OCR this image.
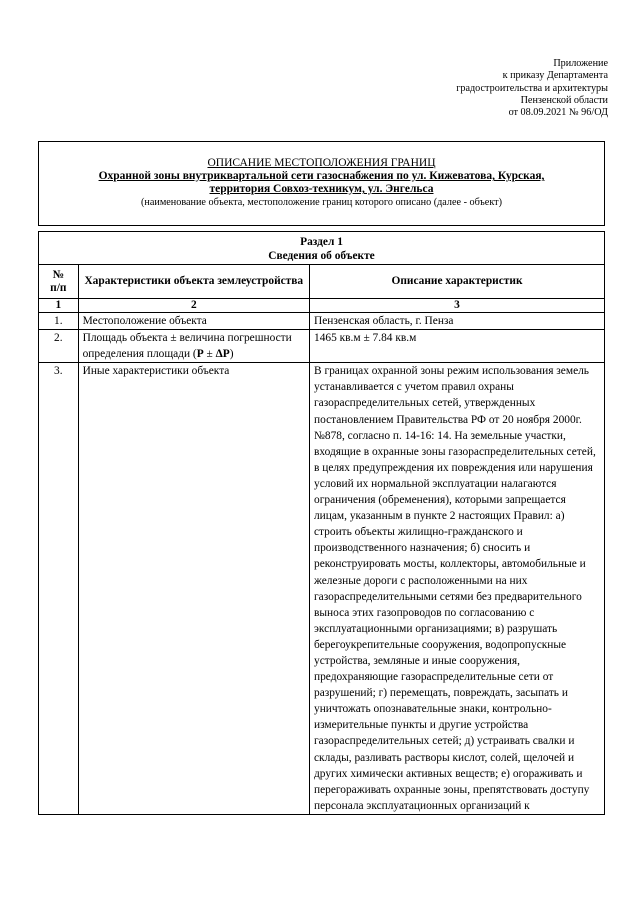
Приложение
к приказу Департамента
градостроительства и архитектуры
Пензенской области
от 08.09.2021 № 96/ОД
ОПИСАНИЕ МЕСТОПОЛОЖЕНИЯ ГРАНИЦ
Охранной зоны внутриквартальной сети газоснабжения по ул. Кижеватова, Курская,
территория Совхоз-техникум, ул. Энгельса
(наименование объекта, местоположение границ которого описано (далее - объект)
Раздел 1
Сведения об объекте		
№
п/п	Характеристики объекта землеустройства	Описание характеристик
1	2	3
1.	Местоположение объекта	Пензенская область, г. Пенза
2.	Площадь объекта ± величина погрешности определения площади (Р ± ΔР)	1465 кв.м ± 7.84 кв.м
3.	Иные характеристики объекта	В границах охранной зоны режим использования земель устанавливается с учетом правил охраны газораспределительных сетей, утвержденных постановлением Правительства РФ от 20 ноября 2000г. №878, согласно п. 14-16: 14. На земельные участки, входящие в охранные зоны газораспределительных сетей, в целях предупреждения их повреждения или нарушения условий их нормальной эксплуатации налагаются ограничения (обременения), которыми запрещается лицам, указанным в пункте 2 настоящих Правил: а) строить объекты жилищно-гражданского и производственного назначения; б) сносить и реконструировать мосты, коллекторы, автомобильные и железные дороги с расположенными на них газораспределительными сетями без предварительного выноса этих газопроводов по согласованию с эксплуатационными организациями; в) разрушать берегоукрепительные сооружения, водопропускные устройства, земляные и иные сооружения, предохраняющие газораспределительные сети от разрушений; г) перемещать, повреждать, засыпать и уничтожать опознавательные знаки, контрольно-измерительные пункты и другие устройства газораспределительных сетей; д) устраивать свалки и склады, разливать растворы кислот, солей, щелочей и других химически активных веществ; е) огораживать и перегораживать охранные зоны, препятствовать доступу персонала эксплуатационных организаций к
